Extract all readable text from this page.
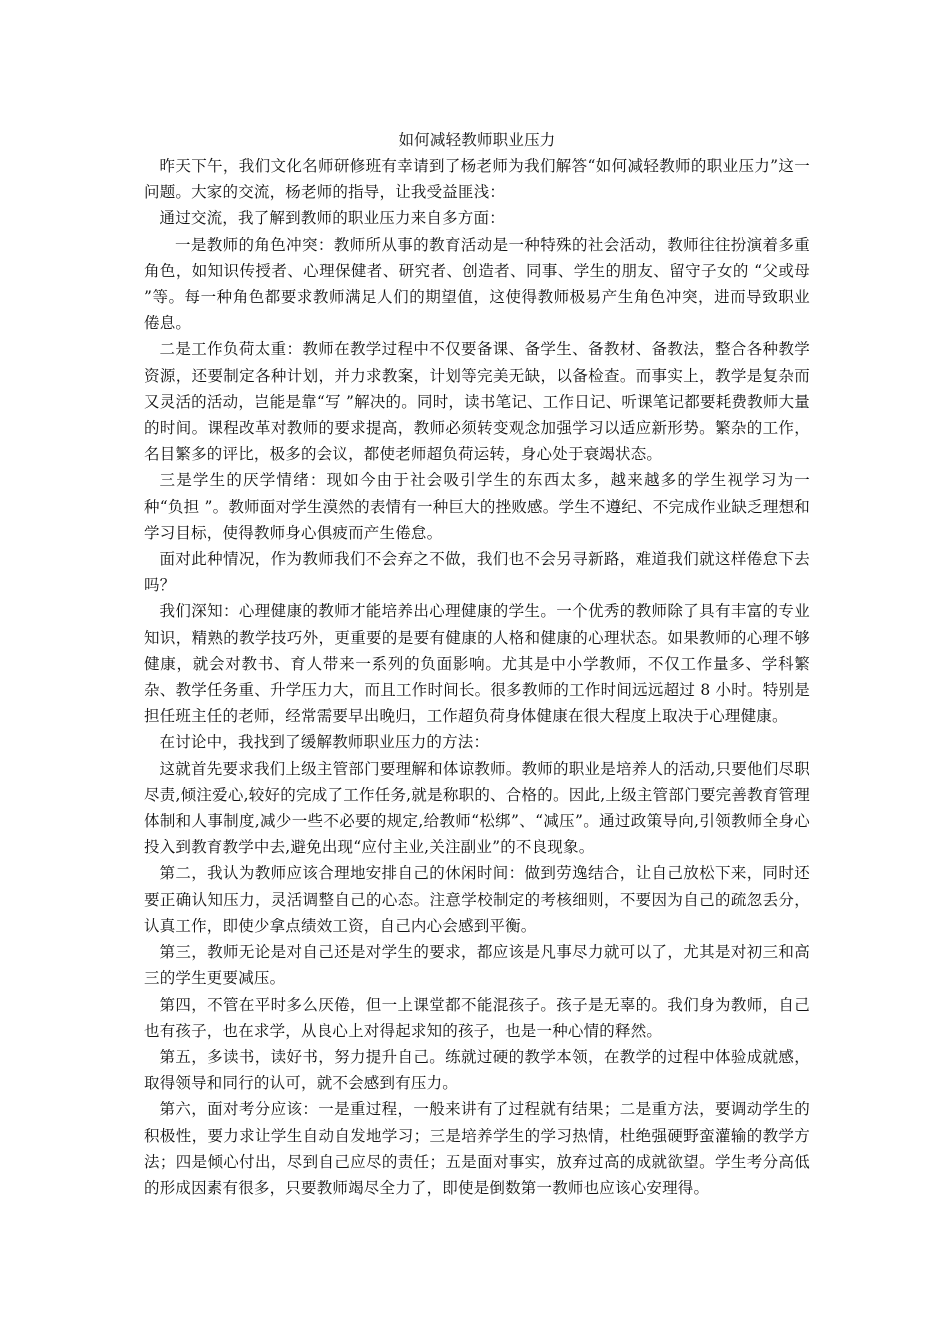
如何减轻教师职业压力

昨天下午，我们文化名师研修班有幸请到了杨老师为我们解答“如何减轻教师的职业压力”这一问题。大家的交流，杨老师的指导，让我受益匪浅：

通过交流，我了解到教师的职业压力来自多方面：

一是教师的角色冲突：教师所从事的教育活动是一种特殊的社会活动，教师往往扮演着多重角色，如知识传授者、心理保健者、研究者、创造者、同事、学生的朋友、留守子女的 “父或母 ”等。每一种角色都要求教师满足人们的期望值，这使得教师极易产生角色冲突，进而导致职业倦息。

二是工作负荷太重：教师在教学过程中不仅要备课、备学生、备教材、备教法，整合各种教学资源，还要制定各种计划，并力求教案，计划等完美无缺，以备检查。而事实上，教学是复杂而又灵活的活动，岂能是靠“写 ”解决的。同时，读书笔记、工作日记、听课笔记都要耗费教师大量的时间。课程改革对教师的要求提高，教师必须转变观念加强学习以适应新形势。繁杂的工作，名目繁多的评比，极多的会议，都使老师超负荷运转，身心处于衰竭状态。

三是学生的厌学情绪：现如今由于社会吸引学生的东西太多，越来越多的学生视学习为一种“负担 ”。教师面对学生漠然的表情有一种巨大的挫败感。学生不遵纪、不完成作业缺乏理想和学习目标，使得教师身心俱疲而产生倦怠。

面对此种情况，作为教师我们不会弃之不做，我们也不会另寻新路，难道我们就这样倦怠下去吗？

我们深知：心理健康的教师才能培养出心理健康的学生。一个优秀的教师除了具有丰富的专业知识，精熟的教学技巧外，更重要的是要有健康的人格和健康的心理状态。如果教师的心理不够健康，就会对教书、育人带来一系列的负面影响。尤其是中小学教师，不仅工作量多、学科繁杂、教学任务重、升学压力大，而且工作时间长。很多教师的工作时间远远超过 8 小时。特别是担任班主任的老师，经常需要早出晚归，工作超负荷身体健康在很大程度上取决于心理健康。

在讨论中，我找到了缓解教师职业压力的方法：

这就首先要求我们上级主管部门要理解和体谅教师。教师的职业是培养人的活动,只要他们尽职尽责,倾注爱心,较好的完成了工作任务,就是称职的、合格的。因此,上级主管部门要完善教育管理体制和人事制度,减少一些不必要的规定,给教师“松绑”、“减压”。通过政策导向,引领教师全身心投入到教育教学中去,避免出现“应付主业,关注副业”的不良现象。

第二，我认为教师应该合理地安排自己的休闲时间：做到劳逸结合，让自己放松下来，同时还要正确认知压力，灵活调整自己的心态。注意学校制定的考核细则，不要因为自己的疏忽丢分，认真工作，即使少拿点绩效工资，自己内心会感到平衡。

第三，教师无论是对自己还是对学生的要求，都应该是凡事尽力就可以了，尤其是对初三和高三的学生更要减压。

第四，不管在平时多么厌倦，但一上课堂都不能混孩子。孩子是无辜的。我们身为教师，自己也有孩子，也在求学，从良心上对得起求知的孩子，也是一种心情的释然。

第五，多读书，读好书，努力提升自己。练就过硬的教学本领，在教学的过程中体验成就感，取得领导和同行的认可，就不会感到有压力。

第六，面对考分应该：一是重过程，一般来讲有了过程就有结果；二是重方法，要调动学生的积极性，要力求让学生自动自发地学习；三是培养学生的学习热情，杜绝强硬野蛮灌输的教学方法；四是倾心付出，尽到自己应尽的责任；五是面对事实，放弃过高的成就欲望。学生考分高低的形成因素有很多，只要教师竭尽全力了，即使是倒数第一教师也应该心安理得。
